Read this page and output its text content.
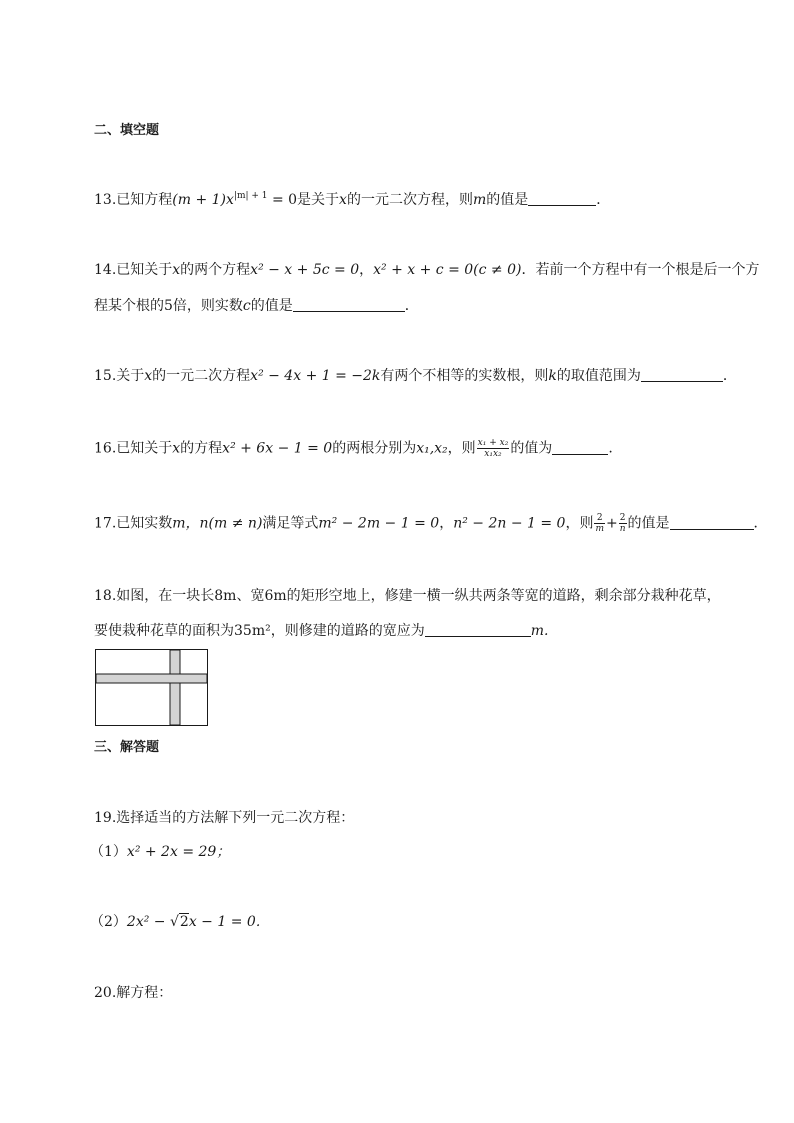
二、填空题
13.已知方程$(m + 1)x^{|m| + 1} = 0$是关于x的一元二次方程，则m的值是	．
14.已知关于x的两个方程x² − x + 5c = 0，x² + x + c = 0(c ≠ 0)．若前一个方程中有一个根是后一个方
程某个根的5倍，则实数c的值是	．
15.关于x的一元二次方程x² − 4x + 1 = −2k有两个不相等的实数根，则k的取值范围为	．
16.已知关于x的方程x² + 6x − 1 = 0的两根分别为x₁,x₂，则 $\frac{\text{x₁ + x₂}}{\text{x₁x₂}}$ 的值为	.
17.已知实数m，n(m ≠ n)满足等式m² − 2m − 1 = 0，n² − 2n − 1 = 0，则 $\frac{2}{m} + \frac{2}{n}$ 的值是	．
18.如图，在一块长8m、宽6m的矩形空地上，修建一横一纵共两条等宽的道路，剩余部分栽种花草，
要使栽种花草的面积为35m²，则修建的道路的宽应为	m.
三、解答题
19.选择适当的方法解下列一元二次方程：
（1）x² + 2x = 29；
（2）2x² − √2x − 1 = 0．
20.解方程：
